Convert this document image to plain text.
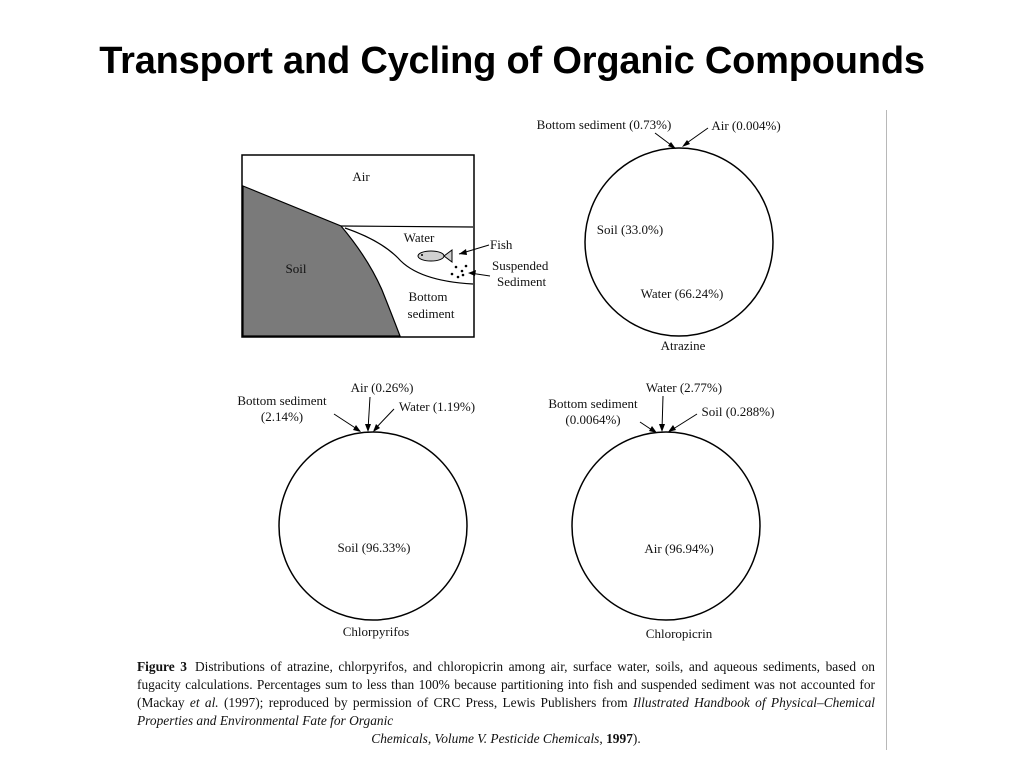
Transport and Cycling of Organic Compounds
Air
Soil
Water
Bottom
sediment
Fish
Suspended
Sediment
Atrazine
Soil (33.0%)
Water (66.24%)
Bottom sediment (0.73%)	Air (0.004%)
Chlorpyrifos
Soil (96.33%)
Bottom sediment
(2.14%)
Air (0.26%)
Water (1.19%)
Chloropicrin
Air (96.94%)
Bottom sediment
(0.0064%)
Water (2.77%)
Soil (0.288%)
Figure 3 Distributions of atrazine, chlorpyrifos, and chloropicrin among air, surface water, soils, and aqueous sediments, based on fugacity calculations. Percentages sum to less than 100% because partitioning into fish and suspended sediment was not accounted for (Mackay et al. (1997); reproduced by permission of CRC Press, Lewis Publishers from Illustrated Handbook of Physical–Chemical Properties and Environmental Fate for Organic
Chemicals, Volume V. Pesticide Chemicals, 1997).
